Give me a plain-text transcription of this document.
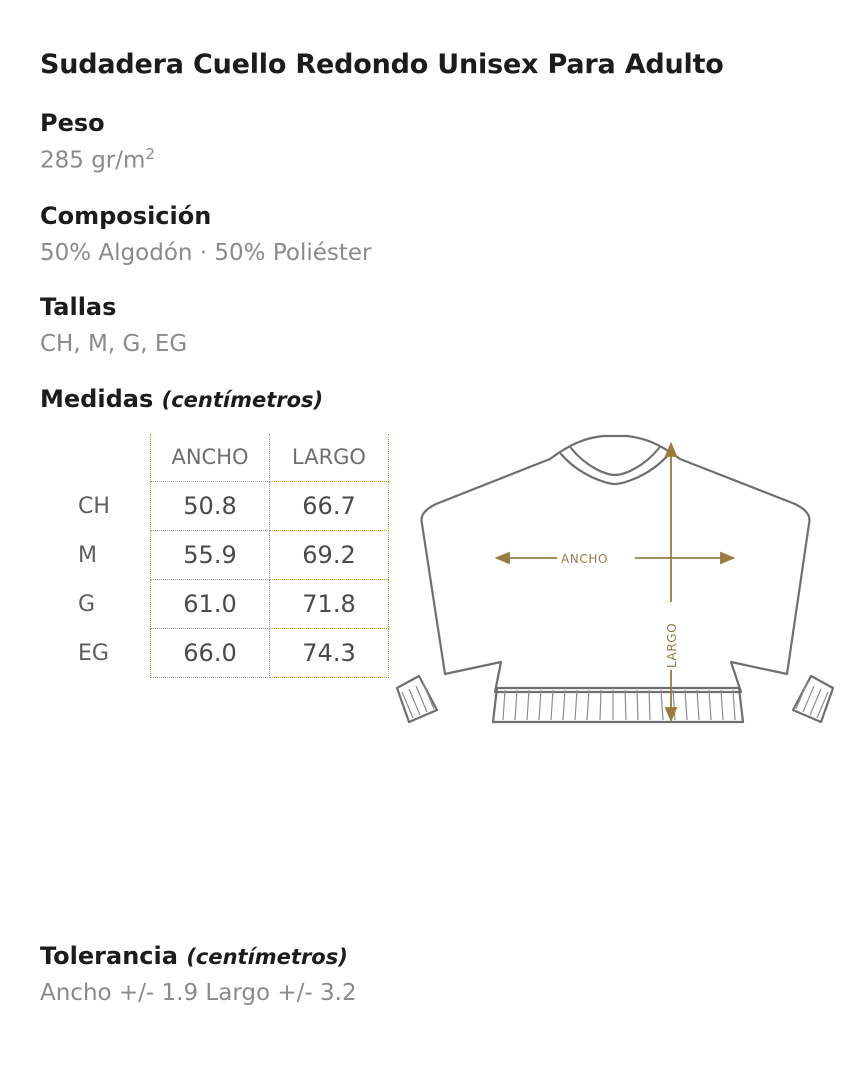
Sudadera Cuello Redondo Unisex Para Adulto
Peso
285 $gr/m^2$
Composición
50% Algodón · 50% Poliéster
Tallas
CH, M, G, EG
Medidas (centímetros)
	ANCHO	LARGO
CH	50.8	66.7
M	55.9	69.2
G	61.0	71.8
EG	66.0	74.3
ANCHO
LARGO
Tolerancia (centímetros)
Ancho +/- 1.9 Largo +/- 3.2
